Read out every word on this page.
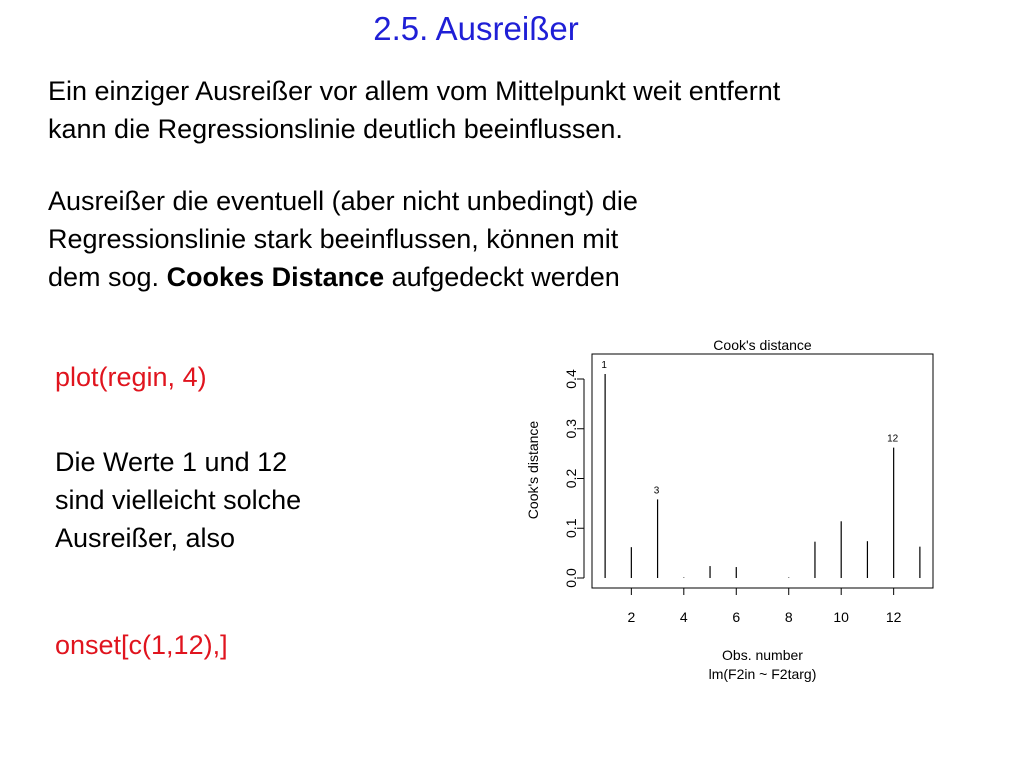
2.5. Ausreißer

Ein einziger Ausreißer vor allem vom Mittelpunkt weit entfernt
kann die Regressionslinie deutlich beeinflussen.

Ausreißer die eventuell (aber nicht unbedingt) die
Regressionslinie stark beeinflussen, können mit
dem sog. Cookes Distance aufgedeckt werden

plot(regin, 4)

Die Werte 1 und 12
sind vielleicht solche
Ausreißer, also

onset[c(1,12),]
Cook's distance
2	4	6	8	10	12
0.0
0.1
0.2
0.3
0.4
Cook's distance
Obs. number
lm(F2in ~ F2targ)
1
3
12
